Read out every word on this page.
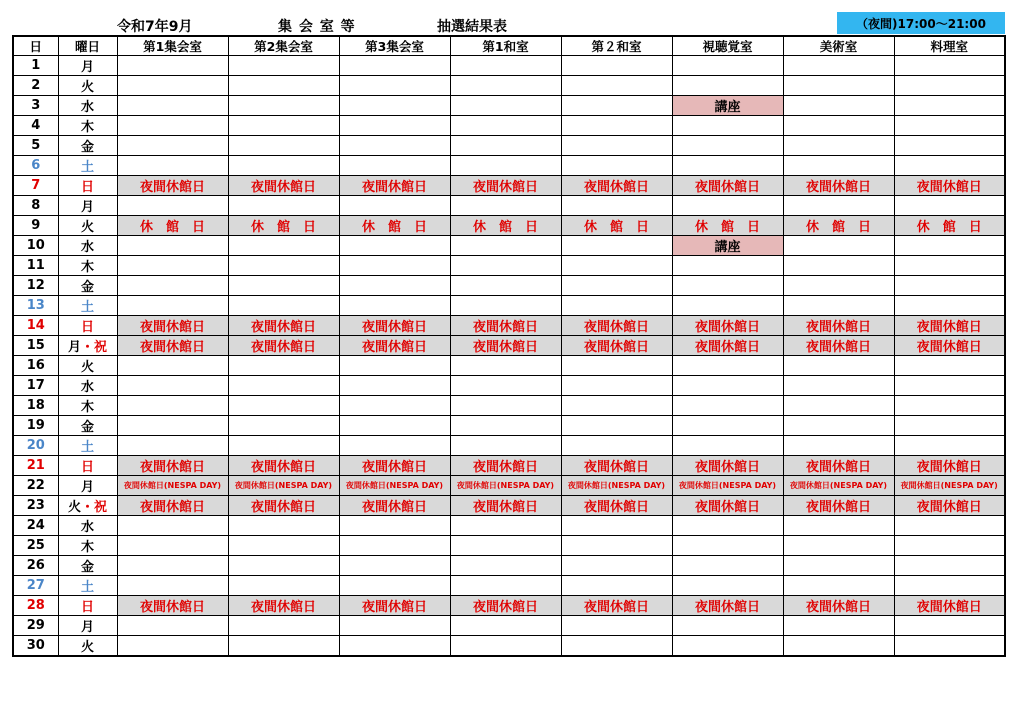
令和7年9月	集 会 室 等	抽選結果表	（夜間)17:00～21:00
日	曜日	第1集会室	第2集会室	第3集会室	第1和室	第２和室	視聴覚室	美術室	料理室
1	月								
2	火								
3	水						講座		
4	木								
5	金								
6	土								
7	日	夜間休館日	夜間休館日	夜間休館日	夜間休館日	夜間休館日	夜間休館日	夜間休館日	夜間休館日
8	月								
9	火	休　館　日	休　館　日	休　館　日	休　館　日	休　館　日	休　館　日	休　館　日	休　館　日
10	水						講座		
11	木								
12	金								
13	土								
14	日	夜間休館日	夜間休館日	夜間休館日	夜間休館日	夜間休館日	夜間休館日	夜間休館日	夜間休館日
15	月・祝	夜間休館日	夜間休館日	夜間休館日	夜間休館日	夜間休館日	夜間休館日	夜間休館日	夜間休館日
16	火								
17	水								
18	木								
19	金								
20	土								
21	日	夜間休館日	夜間休館日	夜間休館日	夜間休館日	夜間休館日	夜間休館日	夜間休館日	夜間休館日
22	月	夜間休館日(NESPA DAY)	夜間休館日(NESPA DAY)	夜間休館日(NESPA DAY)	夜間休館日(NESPA DAY)	夜間休館日(NESPA DAY)	夜間休館日(NESPA DAY)	夜間休館日(NESPA DAY)	夜間休館日(NESPA DAY)
23	火・祝	夜間休館日	夜間休館日	夜間休館日	夜間休館日	夜間休館日	夜間休館日	夜間休館日	夜間休館日
24	水								
25	木								
26	金								
27	土								
28	日	夜間休館日	夜間休館日	夜間休館日	夜間休館日	夜間休館日	夜間休館日	夜間休館日	夜間休館日
29	月								
30	火								
